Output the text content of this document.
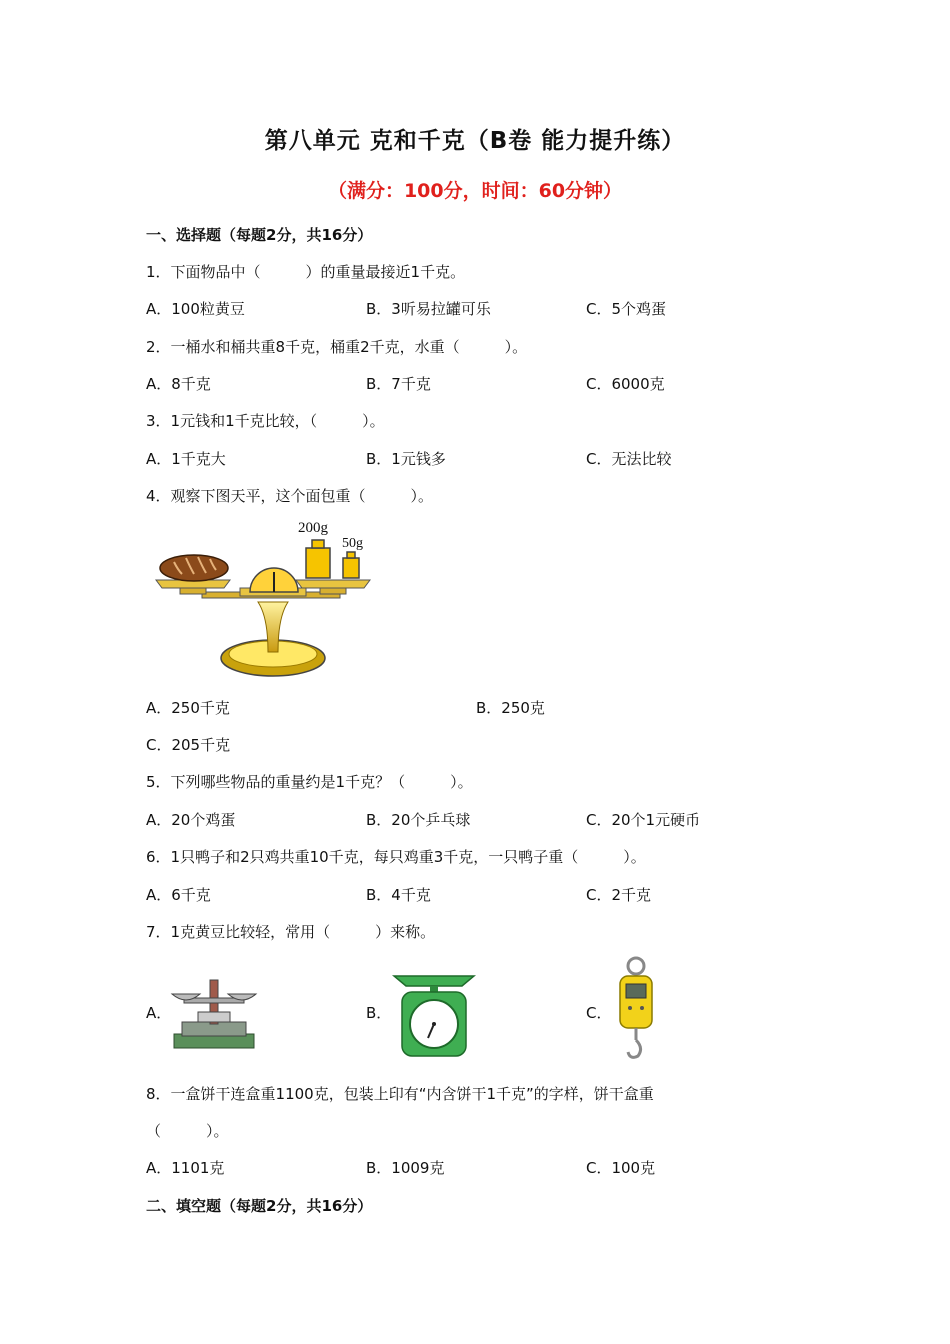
第八单元 克和千克（B卷 能力提升练）
（满分：100分，时间：60分钟）
一、选择题（每题2分，共16分）
1．下面物品中（　　　）的重量最接近1千克。
A．100粒黄豆	B．3听易拉罐可乐	C．5个鸡蛋
2．一桶水和桶共重8千克，桶重2千克，水重（　　　）。
A．8千克	B．7千克	C．6000克
3．1元钱和1千克比较，（　　　）。
A．1千克大	B．1元钱多	C．无法比较
4．观察下图天平，这个面包重（　　　）。
200g
50g
A．250千克	B．250克
C．205千克
5．下列哪些物品的重量约是1千克？（　　　）。
A．20个鸡蛋	B．20个乒乓球	C．20个1元硬币
6．1只鸭子和2只鸡共重10千克，每只鸡重3千克，一只鸭子重（　　　）。
A．6千克	B．4千克	C．2千克
7．1克黄豆比较轻，常用（　　　）来称。
A．	B．	C．
8．一盒饼干连盒重1100克，包装上印有“内含饼干1千克”的字样，饼干盒重
（　　　）。
A．1101克	B．1009克	C．100克
二、填空题（每题2分，共16分）
